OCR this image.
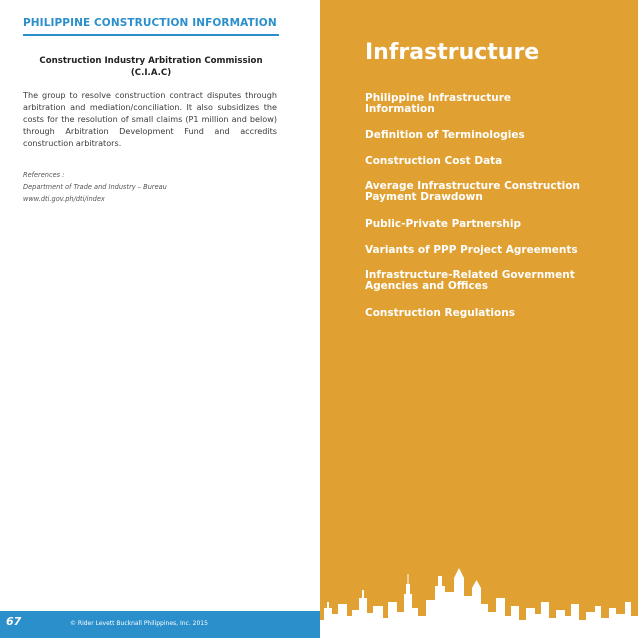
PHILIPPINE CONSTRUCTION INFORMATION
Construction Industry Arbitration Commission
(C.I.A.C)
The group to resolve construction contract disputes through arbitration and mediation/conciliation. It also subsidizes the costs for the resolution of small claims (P1 million and below) through Arbitration Development Fund and accredits construction arbitrators.
References :
Department of Trade and Industry – Bureau
www.dti.gov.ph/dti/index
67	© Rider Levett Bucknall Philippines, Inc. 2015
Infrastructure
Philippine Infrastructure
Information
Definition of Terminologies
Construction Cost Data
Average Infrastructure Construction
Payment Drawdown
Public-Private Partnership
Variants of PPP Project Agreements
Infrastructure-Related Government
Agencies and Offices
Construction Regulations
